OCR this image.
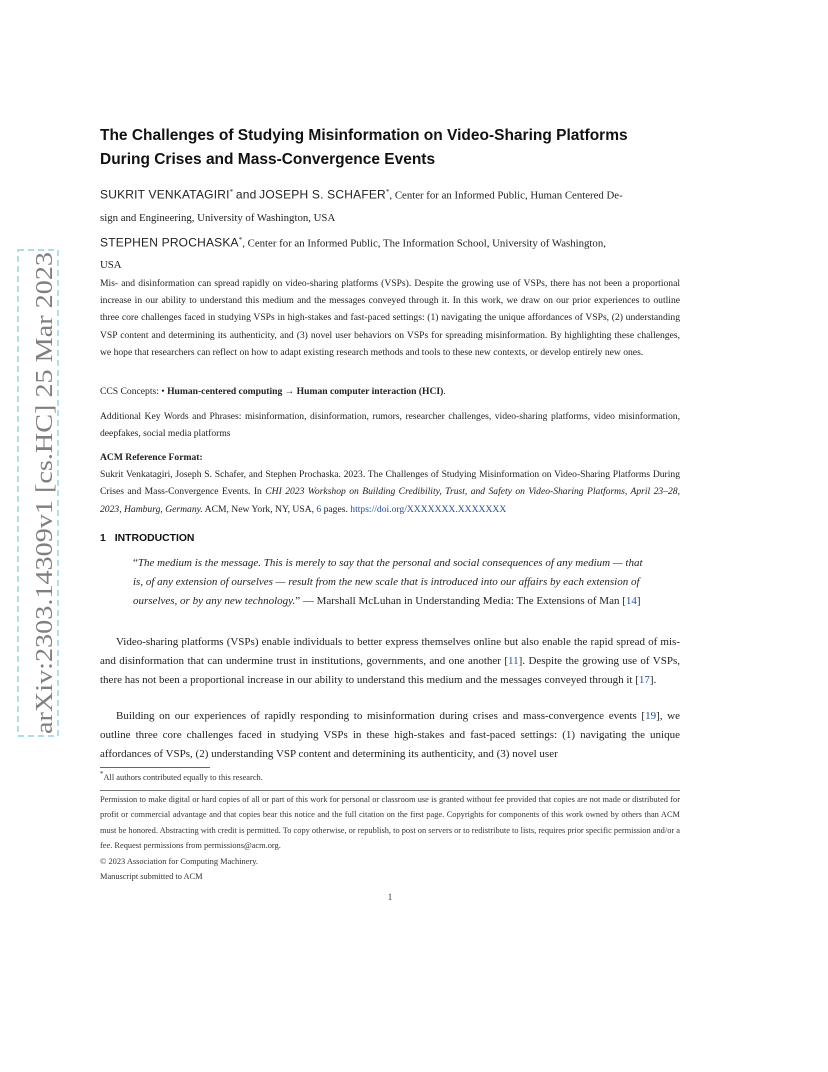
arXiv:2303.14309v1 [cs.HC] 25 Mar 2023
The Challenges of Studying Misinformation on Video-Sharing Platforms
During Crises and Mass-Convergence Events
SUKRIT VENKATAGIRI* and JOSEPH S. SCHAFER*, Center for an Informed Public, Human Centered De-
sign and Engineering, University of Washington, USA
STEPHEN PROCHASKA*, Center for an Informed Public, The Information School, University of Washington,
USA
Mis- and disinformation can spread rapidly on video-sharing platforms (VSPs). Despite the growing use of VSPs, there has not been a proportional increase in our ability to understand this medium and the messages conveyed through it. In this work, we draw on our prior experiences to outline three core challenges faced in studying VSPs in high-stakes and fast-paced settings: (1) navigating the unique affordances of VSPs, (2) understanding VSP content and determining its authenticity, and (3) novel user behaviors on VSPs for spreading misinformation. By highlighting these challenges, we hope that researchers can reflect on how to adapt existing research methods and tools to these new contexts, or develop entirely new ones.
CCS Concepts: • Human-centered computing → Human computer interaction (HCI).
Additional Key Words and Phrases: misinformation, disinformation, rumors, researcher challenges, video-sharing platforms, video misinformation, deepfakes, social media platforms
ACM Reference Format:
Sukrit Venkatagiri, Joseph S. Schafer, and Stephen Prochaska. 2023. The Challenges of Studying Misinformation on Video-Sharing Platforms During Crises and Mass-Convergence Events. In CHI 2023 Workshop on Building Credibility, Trust, and Safety on Video-Sharing Platforms, April 23–28, 2023, Hamburg, Germany. ACM, New York, NY, USA, 6 pages. https://doi.org/XXXXXXX.XXXXXXX
1 INTRODUCTION
“The medium is the message. This is merely to say that the personal and social consequences of any medium — that is, of any extension of ourselves — result from the new scale that is introduced into our affairs by each extension of ourselves, or by any new technology.” — Marshall McLuhan in Understanding Media: The Extensions of Man [14]
Video-sharing platforms (VSPs) enable individuals to better express themselves online but also enable the rapid spread of mis- and disinformation that can undermine trust in institutions, governments, and one another [11]. Despite the growing use of VSPs, there has not been a proportional increase in our ability to understand this medium and the messages conveyed through it [17].
Building on our experiences of rapidly responding to misinformation during crises and mass-convergence events [19], we outline three core challenges faced in studying VSPs in these high-stakes and fast-paced settings: (1) navigating the unique affordances of VSPs, (2) understanding VSP content and determining its authenticity, and (3) novel user
*All authors contributed equally to this research.
Permission to make digital or hard copies of all or part of this work for personal or classroom use is granted without fee provided that copies are not made or distributed for profit or commercial advantage and that copies bear this notice and the full citation on the first page. Copyrights for components of this work owned by others than ACM must be honored. Abstracting with credit is permitted. To copy otherwise, or republish, to post on servers or to redistribute to lists, requires prior specific permission and/or a fee. Request permissions from permissions@acm.org.
© 2023 Association for Computing Machinery.
Manuscript submitted to ACM
1
